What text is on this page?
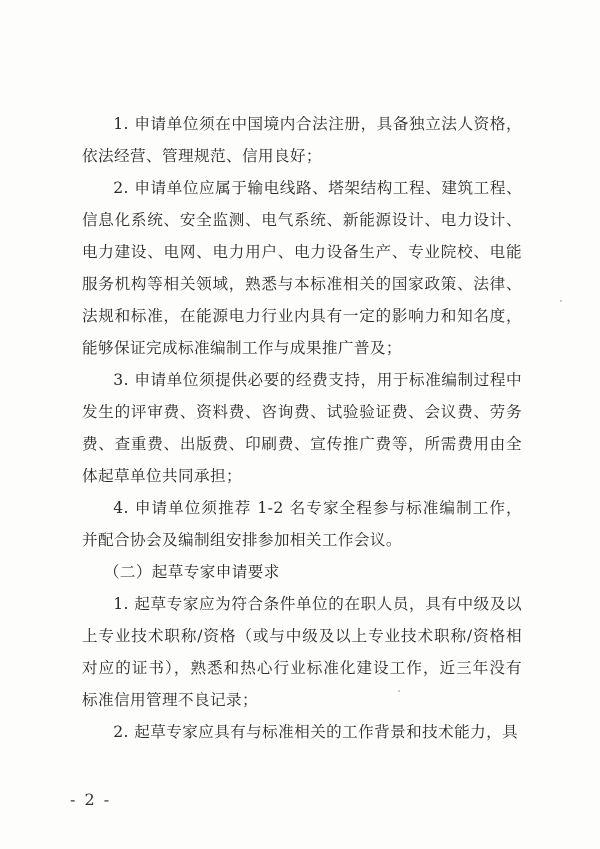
1. 申请单位须在中国境内合法注册，具备独立法人资格，依法经营、管理规范、信用良好；

2. 申请单位应属于输电线路、塔架结构工程、建筑工程、信息化系统、安全监测、电气系统、新能源设计、电力设计、电力建设、电网、电力用户、电力设备生产、专业院校、电能服务机构等相关领域，熟悉与本标准相关的国家政策、法律、法规和标准，在能源电力行业内具有一定的影响力和知名度，能够保证完成标准编制工作与成果推广普及；

3. 申请单位须提供必要的经费支持，用于标准编制过程中发生的评审费、资料费、咨询费、试验验证费、会议费、劳务费、查重费、出版费、印刷费、宣传推广费等，所需费用由全体起草单位共同承担；

4. 申请单位须推荐 1-2 名专家全程参与标准编制工作，并配合协会及编制组安排参加相关工作会议。

（二）起草专家申请要求

1. 起草专家应为符合条件单位的在职人员，具有中级及以上专业技术职称/资格（或与中级及以上专业技术职称/资格相对应的证书），熟悉和热心行业标准化建设工作，近三年没有标准信用管理不良记录；

2. 起草专家应具有与标准相关的工作背景和技术能力，具

- 2 -
